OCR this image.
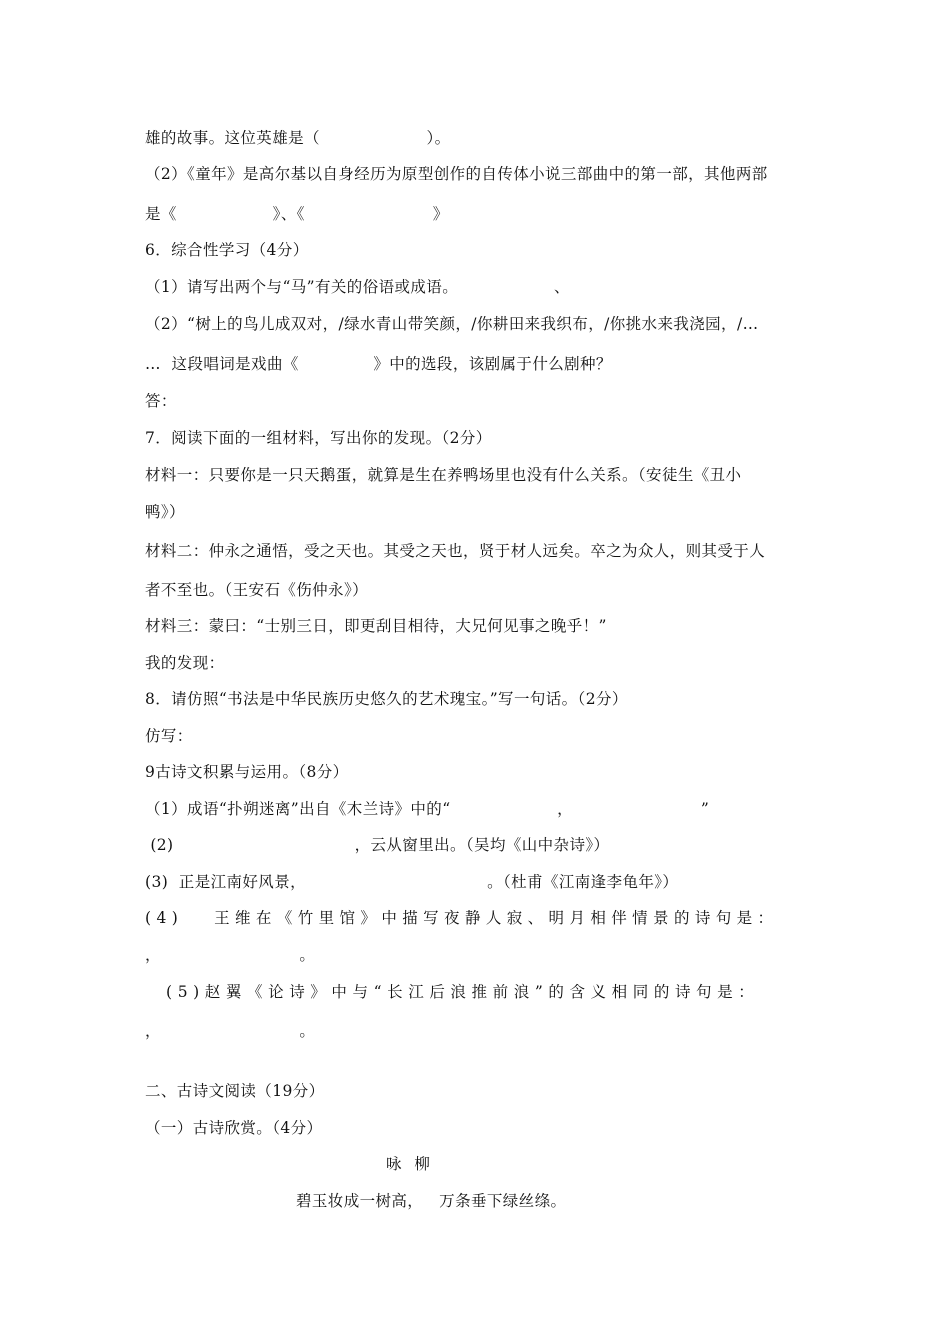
雄的故事。这位英雄是（                    ）。
（2）《童年》是高尔基以自身经历为原型创作的自传体小说三部曲中的第一部，其他两部
是《                  》、《                        》
6．综合性学习（4分）
（1）请写出两个与“马”有关的俗语或成语。                  、
（2）“树上的鸟儿成双对，/绿水青山带笑颜，/你耕田来我织布，/你挑水来我浇园，/…
…  这段唱词是戏曲《              》中的选段，该剧属于什么剧种？
答：
7．阅读下面的一组材料，写出你的发现。（2分）
材料一：只要你是一只天鹅蛋，就算是生在养鸭场里也没有什么关系。（安徒生《丑小
鸭》）
材料二：仲永之通悟，受之天也。其受之天也，贤于材人远矣。卒之为众人，则其受于人
者不至也。（王安石《伤仲永》）
材料三：蒙曰：“士别三日，即更刮目相待，大兄何见事之晚乎！”
我的发现：
8．请仿照“书法是中华民族历史悠久的艺术瑰宝。”写一句话。（2分）
仿写：
9古诗文积累与运用。（8分）
（1）成语“扑朔迷离”出自《木兰诗》中的“                    ，                        ”
(2)                                  ，云从窗里出。（吴均《山中杂诗》）
(3)  正是江南好风景，                                  。（杜甫《江南逢李龟年》）
(4)   王维在《竹里馆》中描写夜静人寂、明月相伴情景的诗句是：
，                          。
(5)赵翼《论诗》中与“长江后浪推前浪”的含义相同的诗句是：
，                          。
二、古诗文阅读（19分）
（一）古诗欣赏。（4分）
咏  柳
碧玉妆成一树高，   万条垂下绿丝绦。
